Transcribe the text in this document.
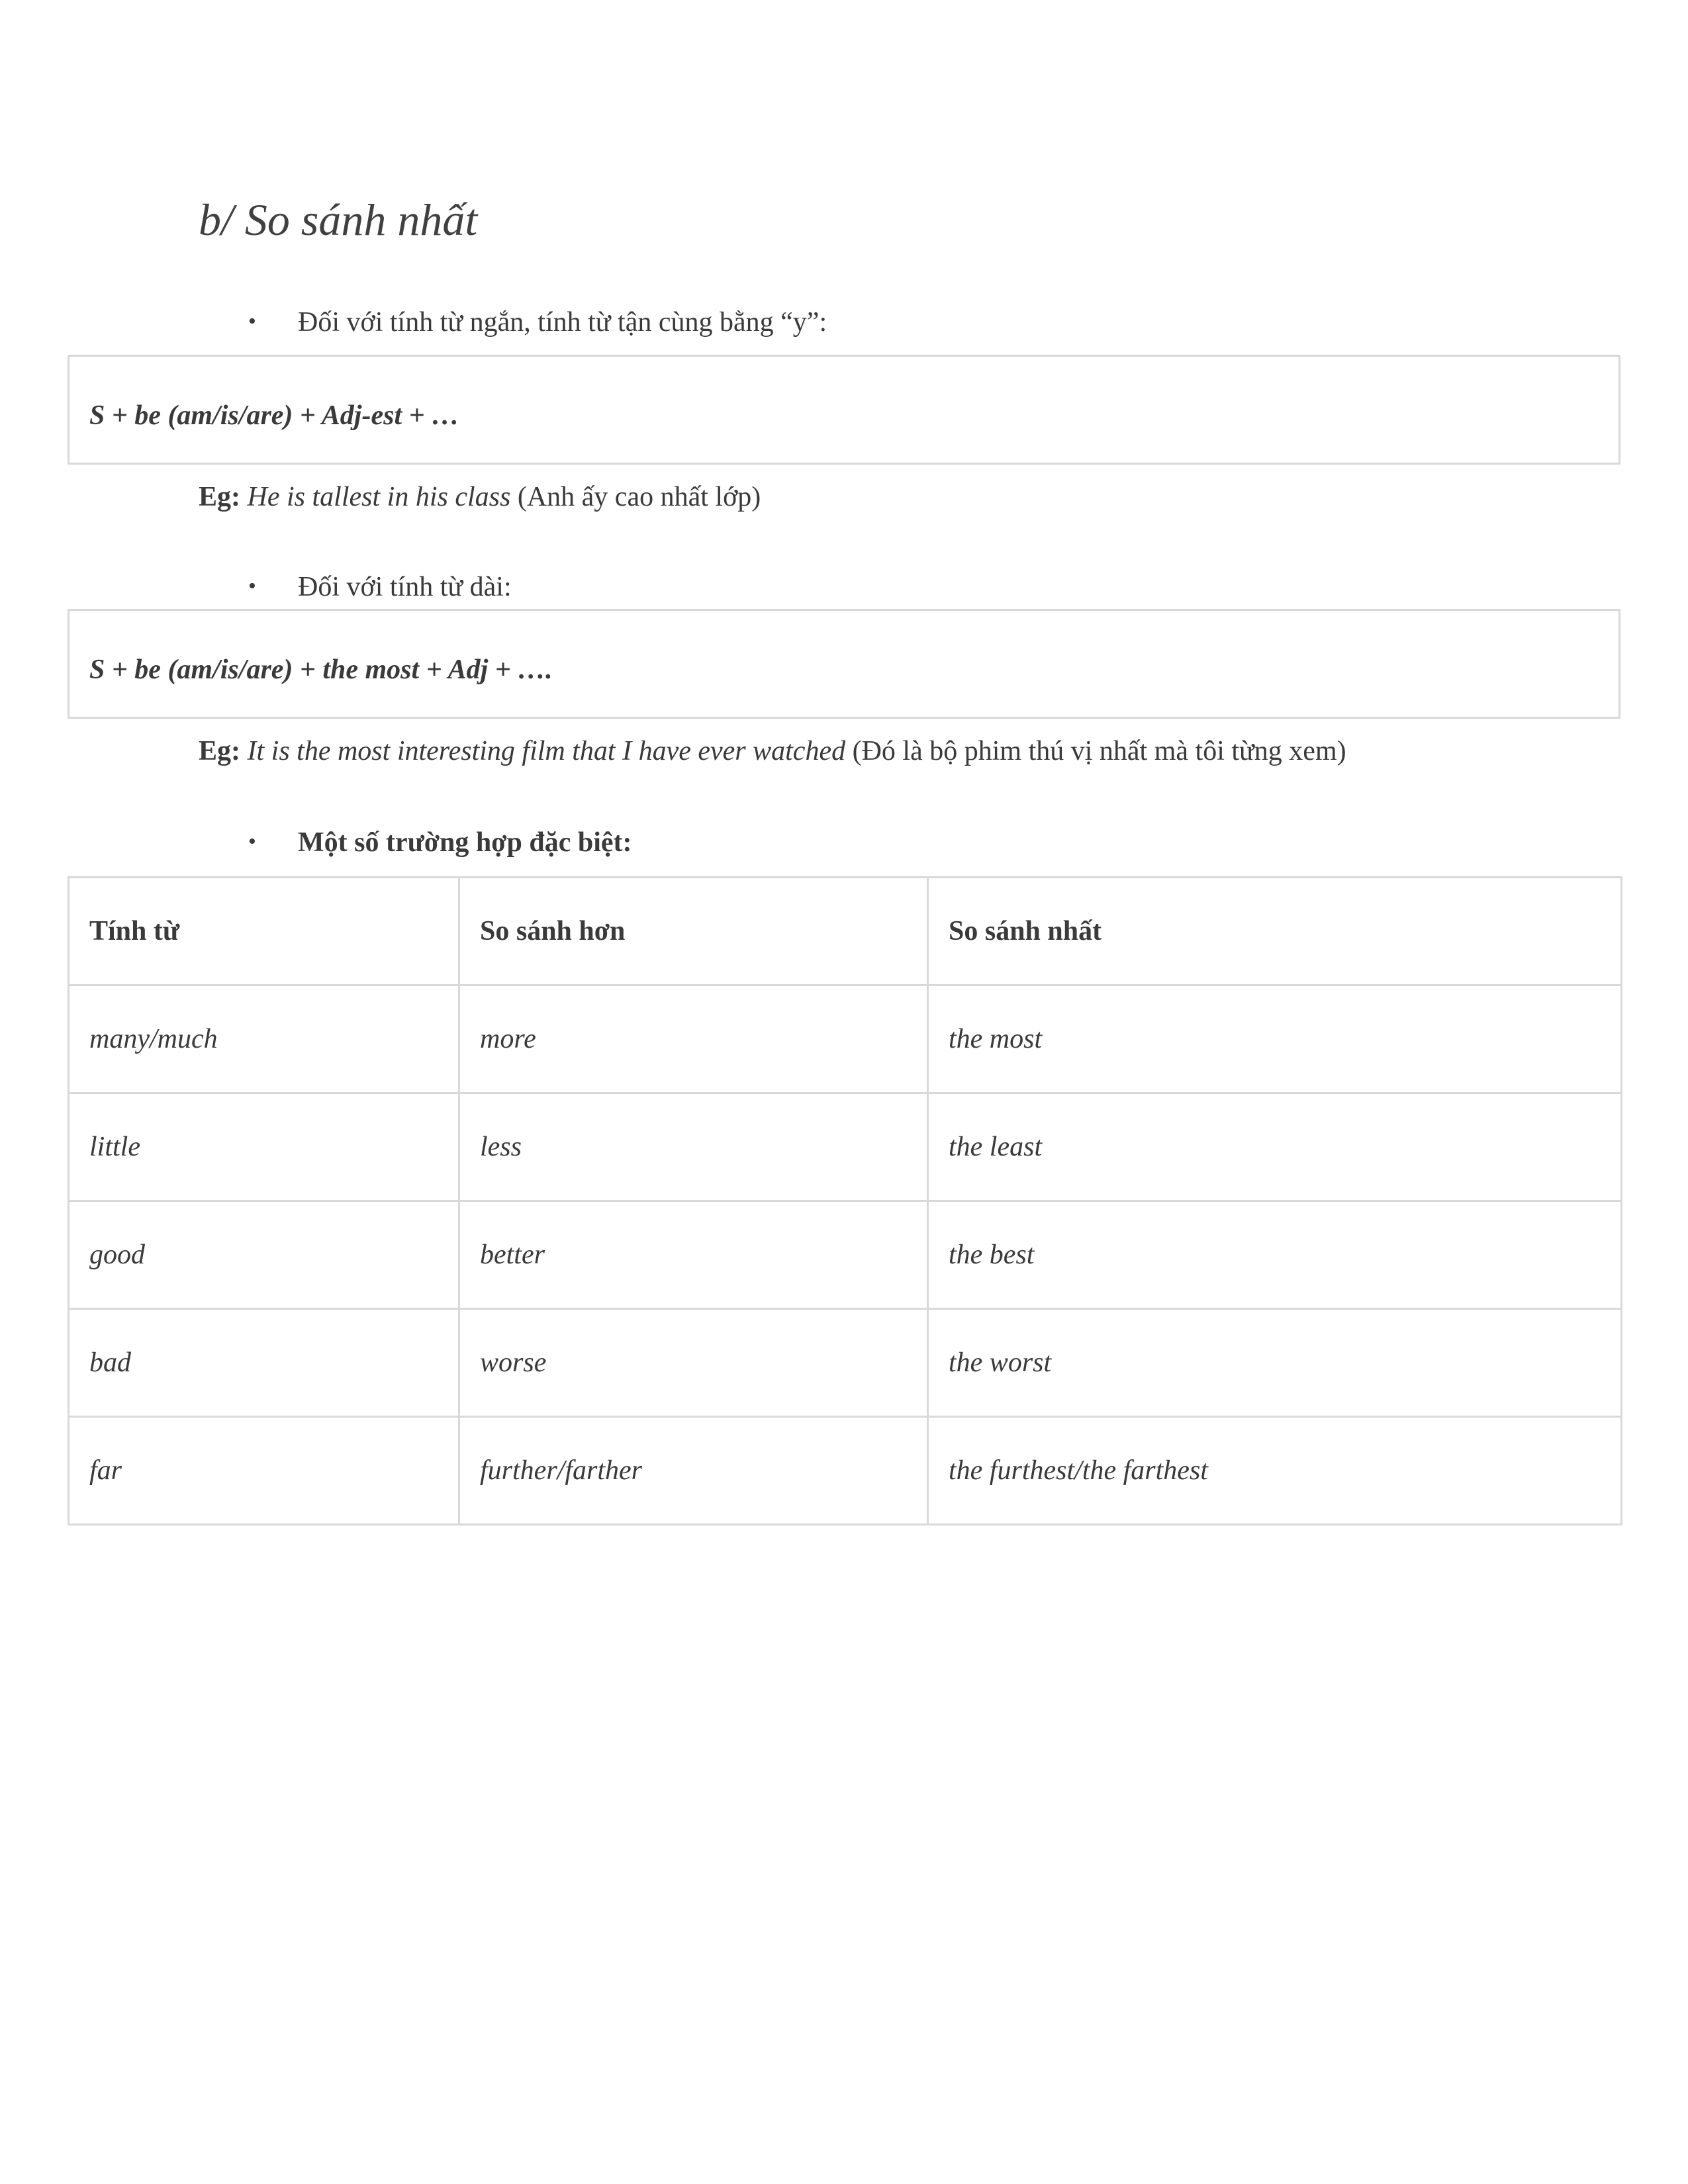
b/ So sánh nhất
• Đối với tính từ ngắn, tính từ tận cùng bằng “y”:
S + be (am/is/are) + Adj-est + …
Eg: He is tallest in his class (Anh ấy cao nhất lớp)
• Đối với tính từ dài:
S + be (am/is/are) + the most + Adj + ….
Eg: It is the most interesting film that I have ever watched (Đó là bộ phim thú vị nhất mà tôi từng xem)
• Một số trường hợp đặc biệt:
Tính từ	So sánh hơn	So sánh nhất
many/much	more	the most
little	less	the least
good	better	the best
bad	worse	the worst
far	further/farther	the furthest/the farthest
